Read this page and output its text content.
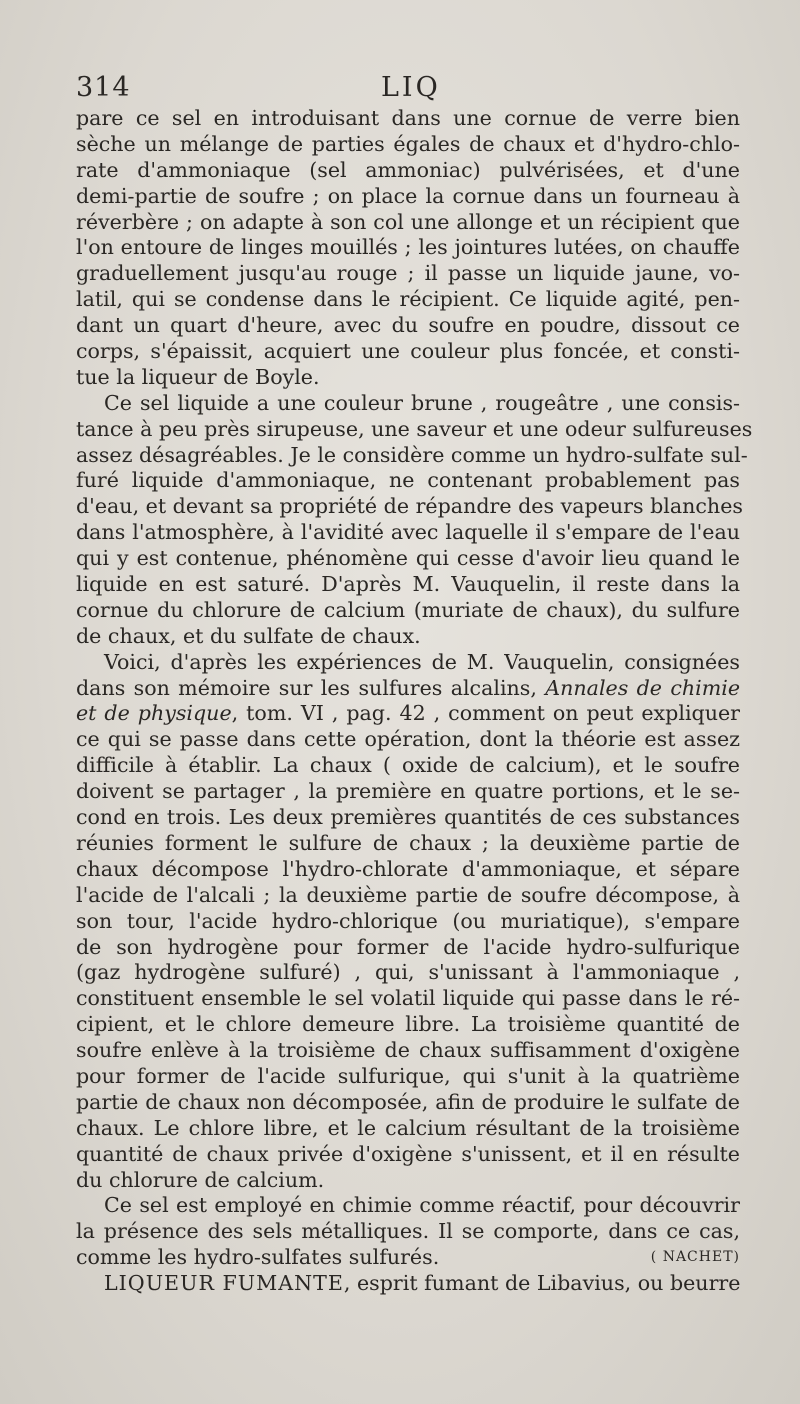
314	LIQ
pare ce sel en introduisant dans une cornue de verre bien
sèche un mélange de parties égales de chaux et d'hydro-chlo-
rate d'ammoniaque (sel ammoniac) pulvérisées, et d'une
demi-partie de soufre ; on place la cornue dans un fourneau à
réverbère ; on adapte à son col une allonge et un récipient que
l'on entoure de linges mouillés ; les jointures lutées, on chauffe
graduellement jusqu'au rouge ; il passe un liquide jaune, vo-
latil, qui se condense dans le récipient. Ce liquide agité, pen-
dant un quart d'heure, avec du soufre en poudre, dissout ce
corps, s'épaissit, acquiert une couleur plus foncée, et consti-
tue la liqueur de Boyle.
Ce sel liquide a une couleur brune , rougeâtre , une consis-
tance à peu près sirupeuse, une saveur et une odeur sulfureuses
assez désagréables. Je le considère comme un hydro-sulfate sul-
furé liquide d'ammoniaque, ne contenant probablement pas
d'eau, et devant sa propriété de répandre des vapeurs blanches
dans l'atmosphère, à l'avidité avec laquelle il s'empare de l'eau
qui y est contenue, phénomène qui cesse d'avoir lieu quand le
liquide en est saturé. D'après M. Vauquelin, il reste dans la
cornue du chlorure de calcium (muriate de chaux), du sulfure
de chaux, et du sulfate de chaux.
Voici, d'après les expériences de M. Vauquelin, consignées
dans son mémoire sur les sulfures alcalins, Annales de chimie
et de physique, tom. VI , pag. 42 , comment on peut expliquer
ce qui se passe dans cette opération, dont la théorie est assez
difficile à établir. La chaux ( oxide de calcium), et le soufre
doivent se partager , la première en quatre portions, et le se-
cond en trois. Les deux premières quantités de ces substances
réunies forment le sulfure de chaux ; la deuxième partie de
chaux décompose l'hydro-chlorate d'ammoniaque, et sépare
l'acide de l'alcali ; la deuxième partie de soufre décompose, à
son tour, l'acide hydro-chlorique (ou muriatique), s'empare
de son hydrogène pour former de l'acide hydro-sulfurique
(gaz hydrogène sulfuré) , qui, s'unissant à l'ammoniaque ,
constituent ensemble le sel volatil liquide qui passe dans le ré-
cipient, et le chlore demeure libre. La troisième quantité de
soufre enlève à la troisième de chaux suffisamment d'oxigène
pour former de l'acide sulfurique, qui s'unit à la quatrième
partie de chaux non décomposée, afin de produire le sulfate de
chaux. Le chlore libre, et le calcium résultant de la troisième
quantité de chaux privée d'oxigène s'unissent, et il en résulte
du chlorure de calcium.
Ce sel est employé en chimie comme réactif, pour découvrir
la présence des sels métalliques. Il se comporte, dans ce cas,
comme les hydro-sulfates sulfurés.	( NACHET)
LIQUEUR FUMANTE, esprit fumant de Libavius, ou beurre
